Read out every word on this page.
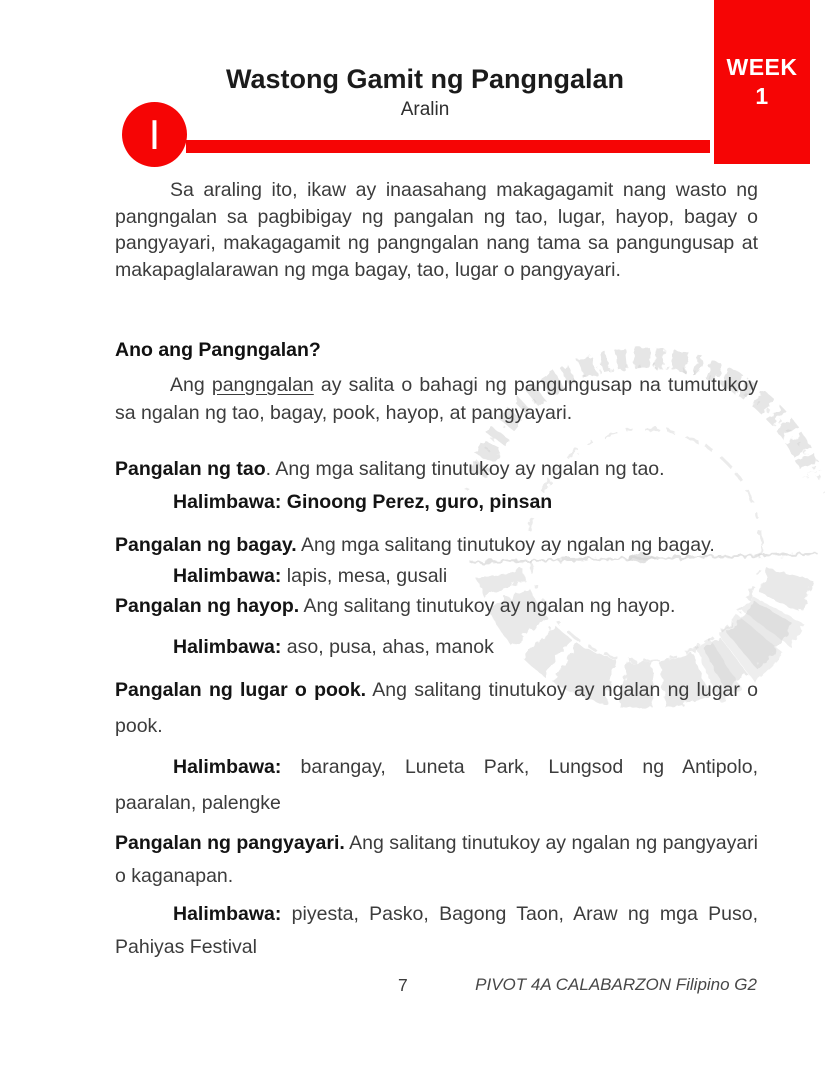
WEEK
1
Wastong Gamit ng Pangngalan
Aralin
I

Sa araling ito, ikaw ay inaasahang makagagamit nang wasto ng pangngalan sa pagbibigay ng pangalan ng tao, lugar, hayop, bagay o pangyayari, makagagamit ng pangngalan nang tama sa pangungusap at makapaglalarawan ng mga bagay, tao, lugar o pangyayari.

Ano ang Pangngalan?

Ang pangngalan ay salita o bahagi ng pangungusap na tumutukoy sa ngalan ng tao, bagay, pook, hayop, at pangyayari.

Pangalan ng tao. Ang mga salitang tinutukoy ay ngalan ng tao.

Halimbawa: Ginoong Perez, guro, pinsan

Pangalan ng bagay. Ang mga salitang tinutukoy ay ngalan ng bagay.

Halimbawa: lapis, mesa, gusali

Pangalan ng hayop. Ang salitang tinutukoy ay ngalan ng hayop.

Halimbawa: aso, pusa, ahas, manok

Pangalan ng lugar o pook. Ang salitang tinutukoy ay ngalan ng lugar o pook.

Halimbawa: barangay, Luneta Park, Lungsod ng Antipolo, paaralan, palengke

Pangalan ng pangyayari. Ang salitang tinutukoy ay ngalan ng pangyayari o kaganapan.

Halimbawa: piyesta, Pasko, Bagong Taon, Araw ng mga Puso, Pahiyas Festival

7	PIVOT 4A CALABARZON Filipino G2
